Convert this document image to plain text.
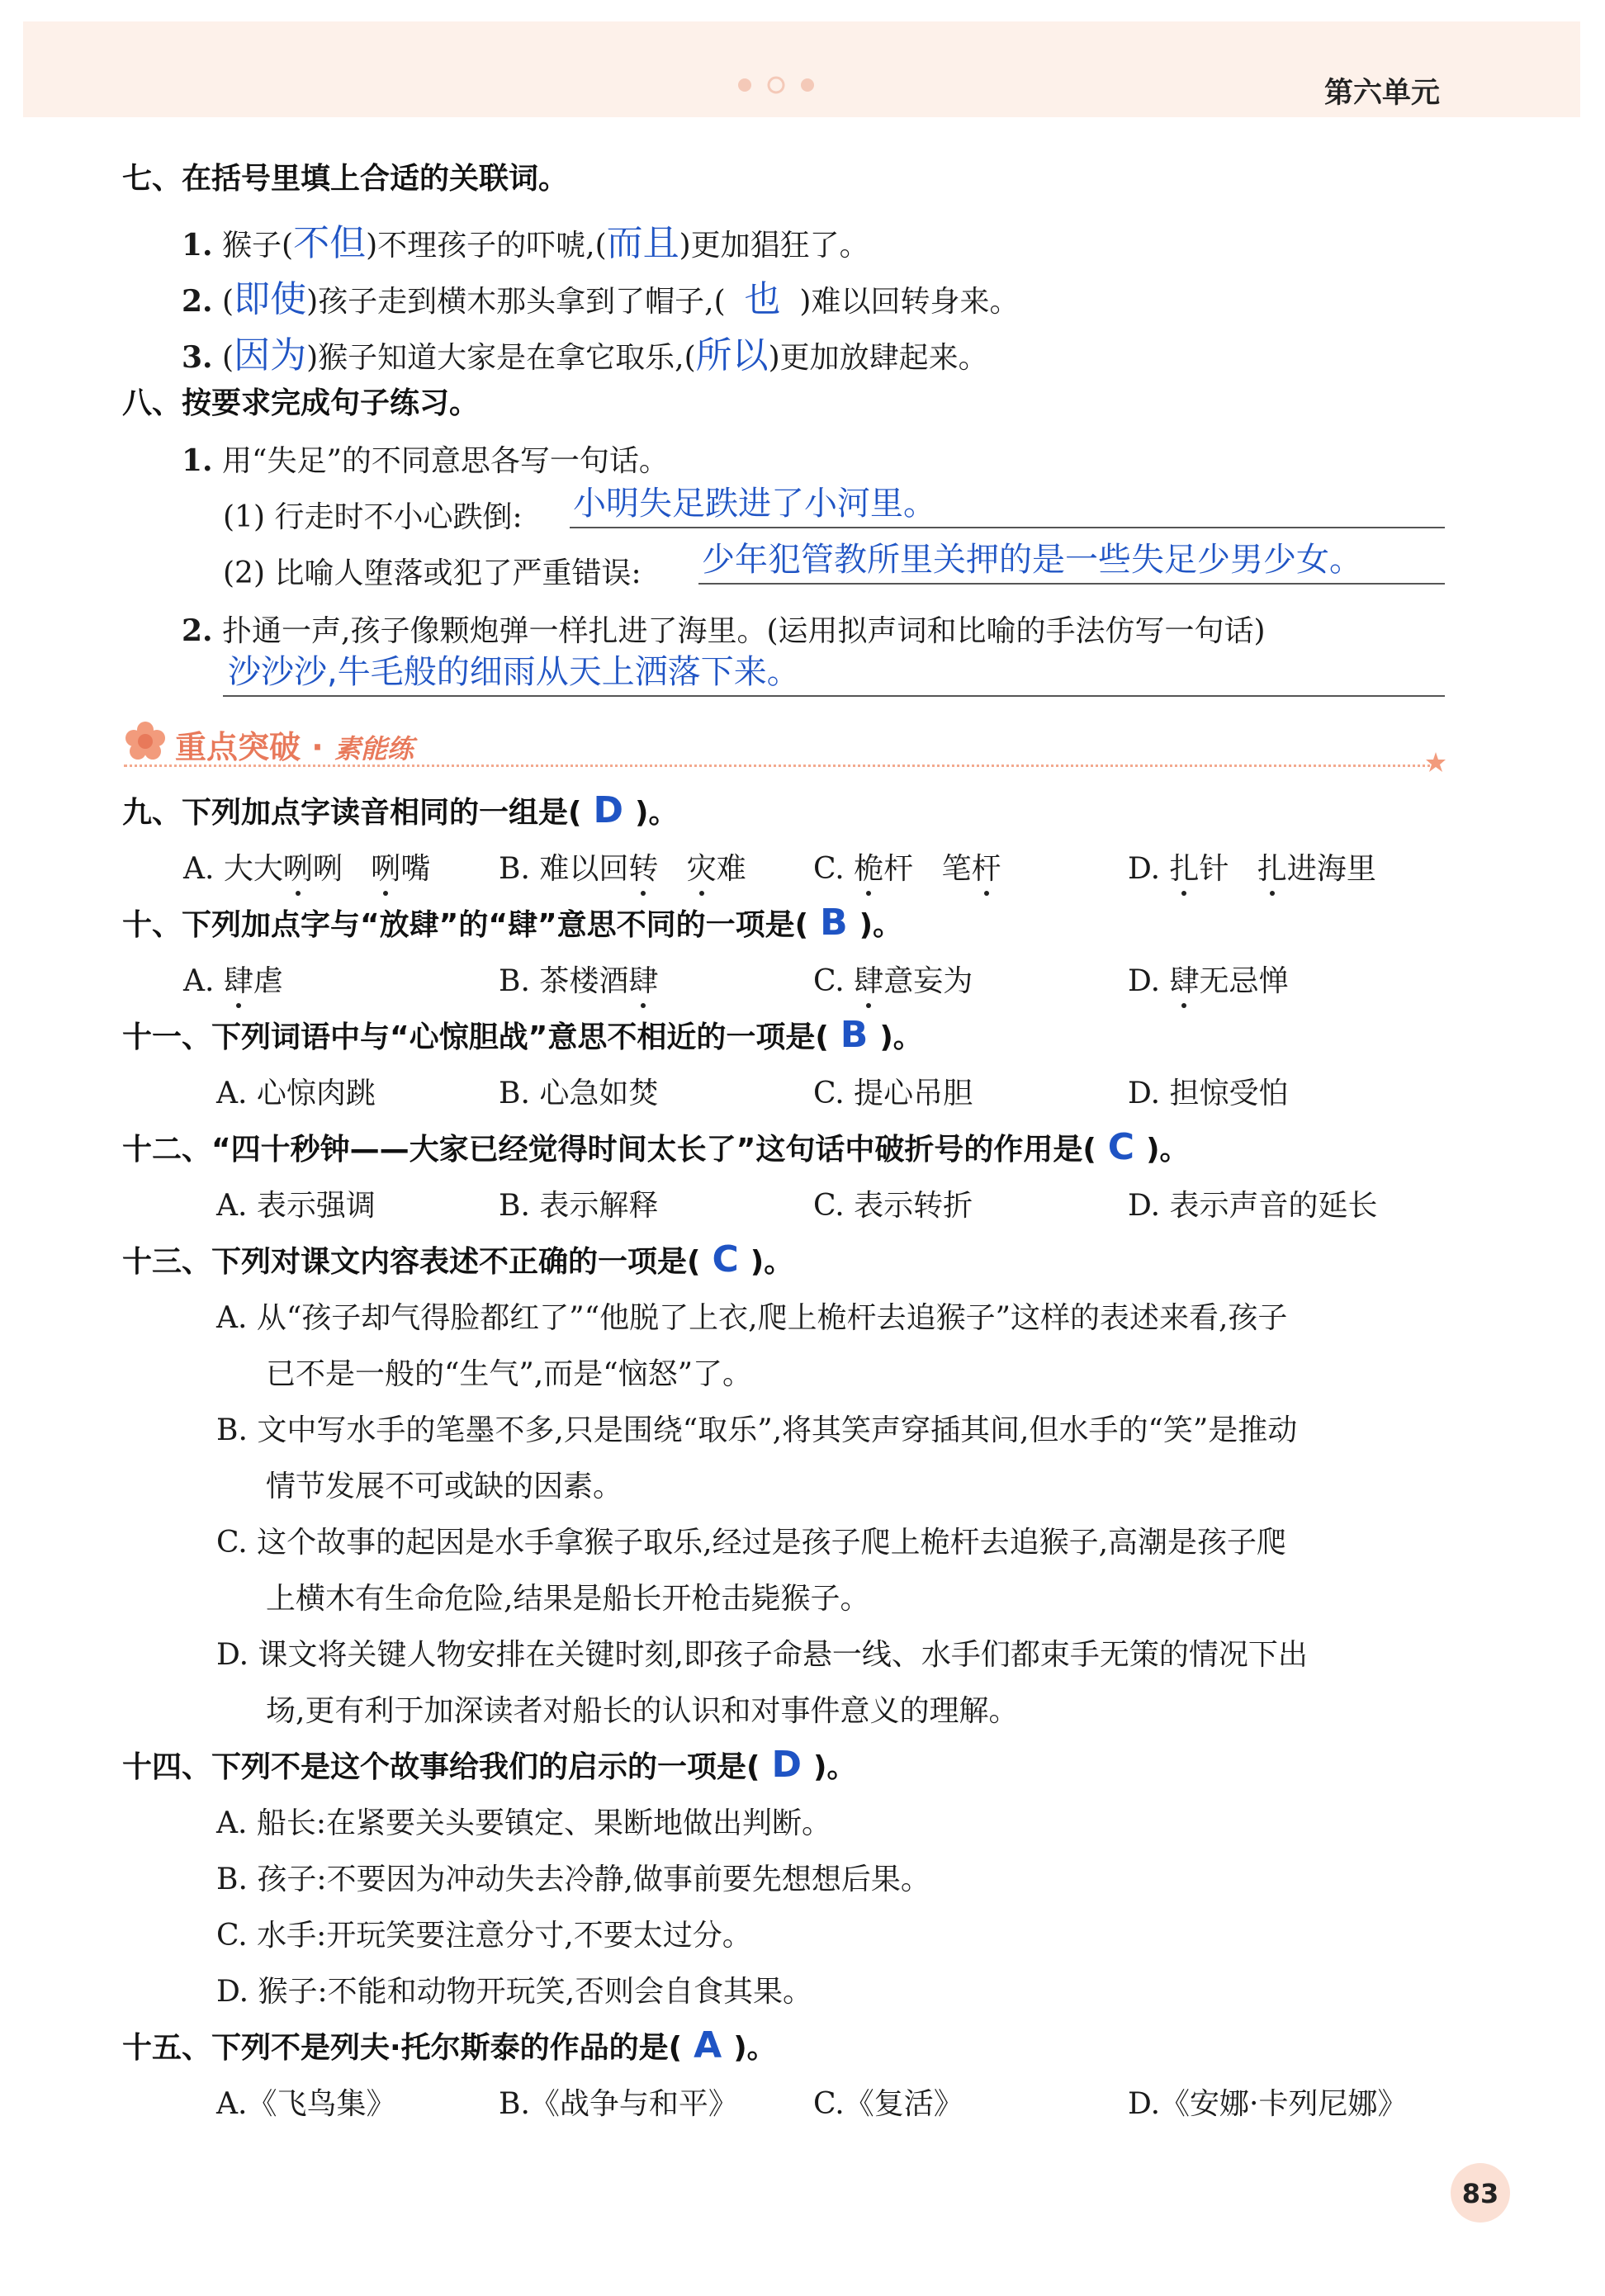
第六单元
七、在括号里填上合适的关联词。
1. 猴子(不但)不理孩子的吓唬,(而且)更加猖狂了。
2. (即使)孩子走到横木那头拿到了帽子,( 也 )难以回转身来。
3. (因为)猴子知道大家是在拿它取乐,(所以)更加放肆起来。
八、按要求完成句子练习。
1. 用“失足”的不同意思各写一句话。
(1) 行走时不小心跌倒: 小明失足跌进了小河里。
(2) 比喻人堕落或犯了严重错误: 少年犯管教所里关押的是一些失足少男少女。
2. 扑通一声,孩子像颗炮弹一样扎进了海里。(运用拟声词和比喻的手法仿写一句话)
沙沙沙,牛毛般的细雨从天上洒落下来。
重点突破 · 素能练
九、下列加点字读音相同的一组是( D )。
A. 大大咧咧 咧嘴 B. 难以回转 灾难 C. 桅杆 笔杆	D. 扎针 扎进海里
十、下列加点字与“放肆”的“肆”意思不同的一项是( B )。
A. 肆虐	B. 茶楼酒肆	C. 肆意妄为	D. 肆无忌惮
十一、下列词语中与“心惊胆战”意思不相近的一项是( B )。
A. 心惊肉跳	B. 心急如焚	C. 提心吊胆	D. 担惊受怕
十二、“四十秒钟——大家已经觉得时间太长了”这句话中破折号的作用是( C )。
A. 表示强调	B. 表示解释	C. 表示转折	D. 表示声音的延长
十三、下列对课文内容表述不正确的一项是( C )。
A. 从“孩子却气得脸都红了”“他脱了上衣,爬上桅杆去追猴子”这样的表述来看,孩子
已不是一般的“生气”,而是“恼怒”了。
B. 文中写水手的笔墨不多,只是围绕“取乐”,将其笑声穿插其间,但水手的“笑”是推动
情节发展不可或缺的因素。
C. 这个故事的起因是水手拿猴子取乐,经过是孩子爬上桅杆去追猴子,高潮是孩子爬
上横木有生命危险,结果是船长开枪击毙猴子。
D. 课文将关键人物安排在关键时刻,即孩子命悬一线、水手们都束手无策的情况下出
场,更有利于加深读者对船长的认识和对事件意义的理解。
十四、下列不是这个故事给我们的启示的一项是( D )。
A. 船长:在紧要关头要镇定、果断地做出判断。
B. 孩子:不要因为冲动失去冷静,做事前要先想想后果。
C. 水手:开玩笑要注意分寸,不要太过分。
D. 猴子:不能和动物开玩笑,否则会自食其果。
十五、下列不是列夫·托尔斯泰的作品的是( A )。
A.《飞鸟集》	B.《战争与和平》	C.《复活》	D.《安娜·卡列尼娜》
83
